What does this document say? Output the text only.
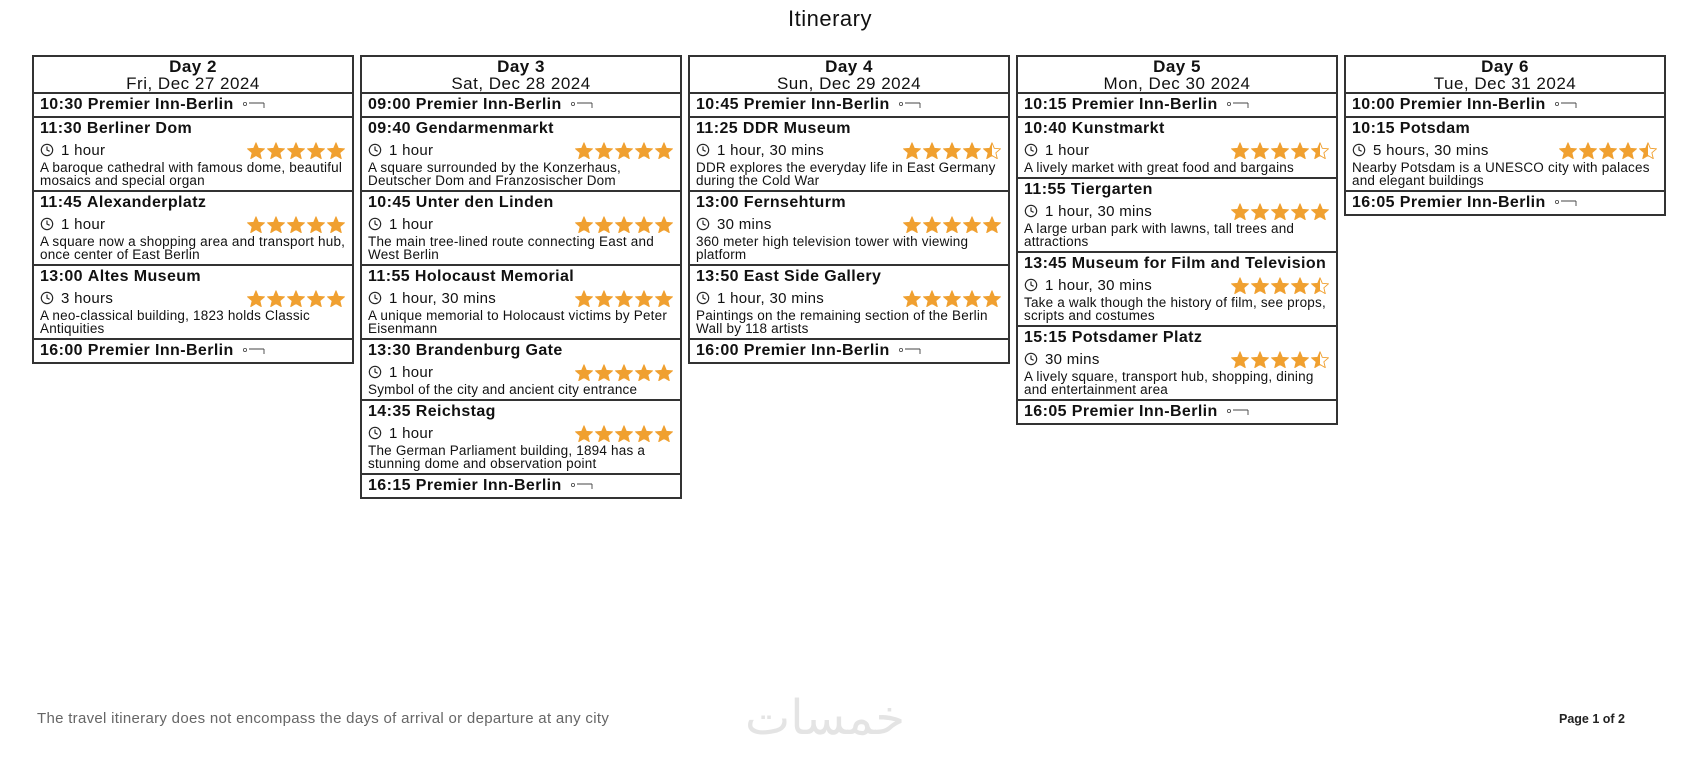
Itinerary
Day 2
Fri, Dec 27 2024
10:30
Premier Inn-Berlin
11:30 Berliner Dom
1 hour
A baroque cathedral with famous dome, beautiful mosaics and special organ
11:45 Alexanderplatz
1 hour
A square now a shopping area and transport hub, once center of East Berlin
13:00 Altes Museum
3 hours
A neo-classical building, 1823 holds Classic Antiquities
16:00
Premier Inn-Berlin
Day 3
Sat, Dec 28 2024
09:00
Premier Inn-Berlin
09:40 Gendarmenmarkt
1 hour
A square surrounded by the Konzerhaus, Deutscher Dom and Franzosischer Dom
10:45 Unter den Linden
1 hour
The main tree-lined route connecting East and West Berlin
11:55 Holocaust Memorial
1 hour, 30 mins
A unique memorial to Holocaust victims by Peter Eisenmann
13:30 Brandenburg Gate
1 hour
Symbol of the city and ancient city entrance
14:35 Reichstag
1 hour
The German Parliament building, 1894 has a stunning dome and observation point
16:15
Premier Inn-Berlin
Day 4
Sun, Dec 29 2024
10:45
Premier Inn-Berlin
11:25 DDR Museum
1 hour, 30 mins
DDR explores the everyday life in East Germany during the Cold War
13:00 Fernsehturm
30 mins
360 meter high television tower with viewing platform
13:50 East Side Gallery
1 hour, 30 mins
Paintings on the remaining section of the Berlin Wall by 118 artists
16:00
Premier Inn-Berlin
Day 5
Mon, Dec 30 2024
10:15
Premier Inn-Berlin
10:40 Kunstmarkt
1 hour
A lively market with great food and bargains
11:55 Tiergarten
1 hour, 30 mins
A large urban park with lawns, tall trees and attractions
13:45 Museum for Film and Television
1 hour, 30 mins
Take a walk though the history of film, see props, scripts and costumes
15:15 Potsdamer Platz
30 mins
A lively square, transport hub, shopping, dining and entertainment area
16:05
Premier Inn-Berlin
Day 6
Tue, Dec 31 2024
10:00
Premier Inn-Berlin
10:15 Potsdam
5 hours, 30 mins
Nearby Potsdam is a UNESCO city with palaces and elegant buildings
16:05
Premier Inn-Berlin
The travel itinerary does not encompass the days of arrival or departure at any city	Page 1 of 2
خمسات
